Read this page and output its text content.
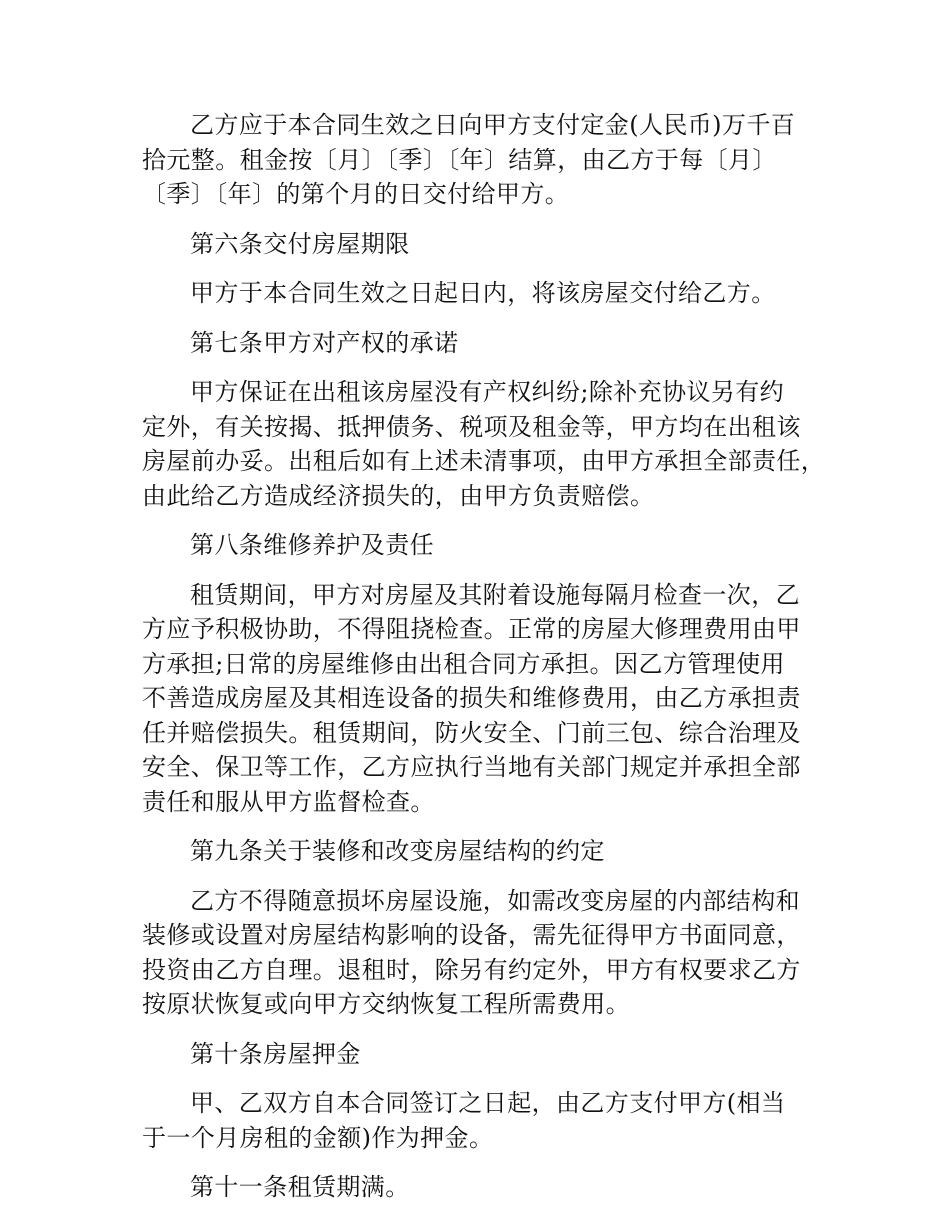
乙方应于本合同生效之日向甲方支付定金(人民币)万千百
拾元整。租金按〔月〕〔季〕〔年〕结算，由乙方于每〔月〕
〔季〕〔年〕的第个月的日交付给甲方。

第六条交付房屋期限

甲方于本合同生效之日起日内，将该房屋交付给乙方。

第七条甲方对产权的承诺

甲方保证在出租该房屋没有产权纠纷;除补充协议另有约
定外，有关按揭、抵押债务、税项及租金等，甲方均在出租该
房屋前办妥。出租后如有上述未清事项，由甲方承担全部责任，
由此给乙方造成经济损失的，由甲方负责赔偿。

第八条维修养护及责任

租赁期间，甲方对房屋及其附着设施每隔月检查一次，乙
方应予积极协助，不得阻挠检查。正常的房屋大修理费用由甲
方承担;日常的房屋维修由出租合同方承担。因乙方管理使用
不善造成房屋及其相连设备的损失和维修费用，由乙方承担责
任并赔偿损失。租赁期间，防火安全、门前三包、综合治理及
安全、保卫等工作，乙方应执行当地有关部门规定并承担全部
责任和服从甲方监督检查。

第九条关于装修和改变房屋结构的约定

乙方不得随意损坏房屋设施，如需改变房屋的内部结构和
装修或设置对房屋结构影响的设备，需先征得甲方书面同意，
投资由乙方自理。退租时，除另有约定外，甲方有权要求乙方
按原状恢复或向甲方交纳恢复工程所需费用。

第十条房屋押金

甲、乙双方自本合同签订之日起，由乙方支付甲方(相当
于一个月房租的金额)作为押金。

第十一条租赁期满。
